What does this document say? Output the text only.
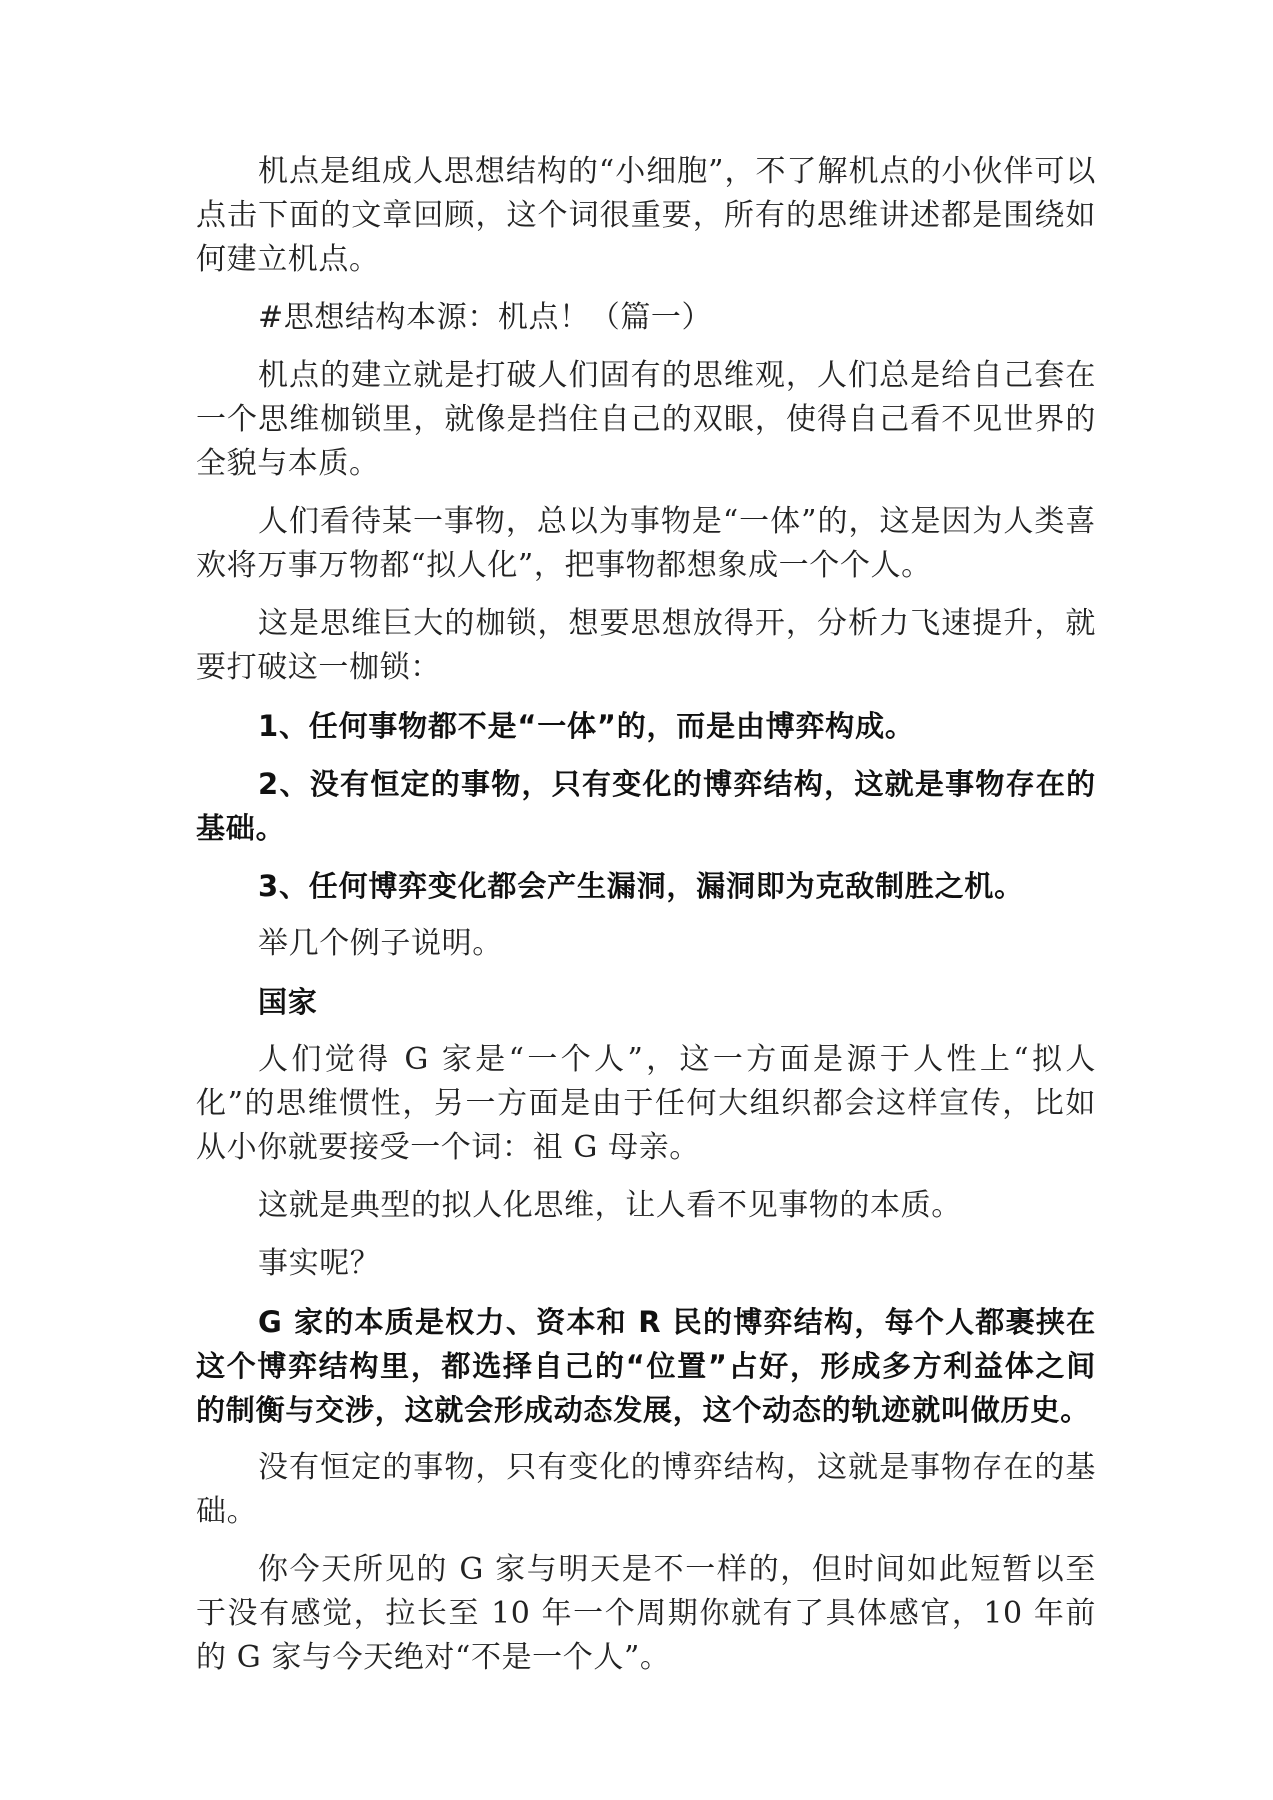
机点是组成人思想结构的“小细胞”，不了解机点的小伙伴可以点击下面的文章回顾，这个词很重要，所有的思维讲述都是围绕如何建立机点。

#思想结构本源：机点！（篇一）

机点的建立就是打破人们固有的思维观，人们总是给自己套在一个思维枷锁里，就像是挡住自己的双眼，使得自己看不见世界的全貌与本质。

人们看待某一事物，总以为事物是“一体”的，这是因为人类喜欢将万事万物都“拟人化”，把事物都想象成一个个人。

这是思维巨大的枷锁，想要思想放得开，分析力飞速提升，就要打破这一枷锁：

1、任何事物都不是“一体”的，而是由博弈构成。

2、没有恒定的事物，只有变化的博弈结构，这就是事物存在的基础。

3、任何博弈变化都会产生漏洞，漏洞即为克敌制胜之机。

举几个例子说明。

国家

人们觉得 G 家是“一个人”，这一方面是源于人性上“拟人化”的思维惯性，另一方面是由于任何大组织都会这样宣传，比如从小你就要接受一个词：祖 G 母亲。

这就是典型的拟人化思维，让人看不见事物的本质。

事实呢？

G 家的本质是权力、资本和 R 民的博弈结构，每个人都裹挟在这个博弈结构里，都选择自己的“位置”占好，形成多方利益体之间的制衡与交涉，这就会形成动态发展，这个动态的轨迹就叫做历史。

没有恒定的事物，只有变化的博弈结构，这就是事物存在的基础。

你今天所见的 G 家与明天是不一样的，但时间如此短暂以至于没有感觉，拉长至 10 年一个周期你就有了具体感官，10 年前的 G 家与今天绝对“不是一个人”。
